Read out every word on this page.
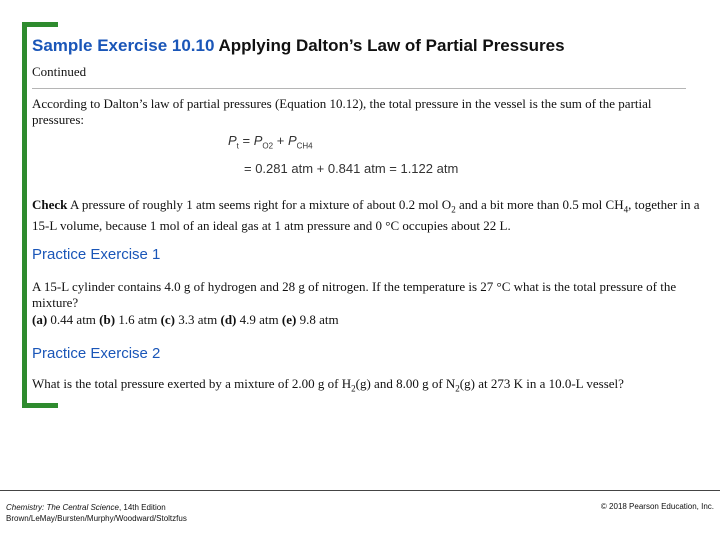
Sample Exercise 10.10 Applying Dalton’s Law of Partial Pressures
Continued
According to Dalton’s law of partial pressures (Equation 10.12), the total pressure in the vessel is the sum of the partial pressures:
$P_t = P_{O2} + P_{CH4}$
= 0.281 atm + 0.841 atm = 1.122 atm
Check A pressure of roughly 1 atm seems right for a mixture of about 0.2 mol $O_2$ and a bit more than 0.5 mol $CH_4$, together in a 15-L volume, because 1 mol of an ideal gas at 1 atm pressure and 0 °C occupies about 22 L.
Practice Exercise 1
A 15-L cylinder contains 4.0 g of hydrogen and 28 g of nitrogen. If the temperature is 27 °C what is the total pressure of the mixture?
(a) 0.44 atm (b) 1.6 atm (c) 3.3 atm (d) 4.9 atm (e) 9.8 atm
Practice Exercise 2
What is the total pressure exerted by a mixture of 2.00 g of $H_2(g)$ and 8.00 g of $N_2(g)$ at 273 K in a 10.0-L vessel?
Chemistry: The Central Science, 14th Edition
Brown/LeMay/Bursten/Murphy/Woodward/Stoltzfus
© 2018 Pearson Education, Inc.
